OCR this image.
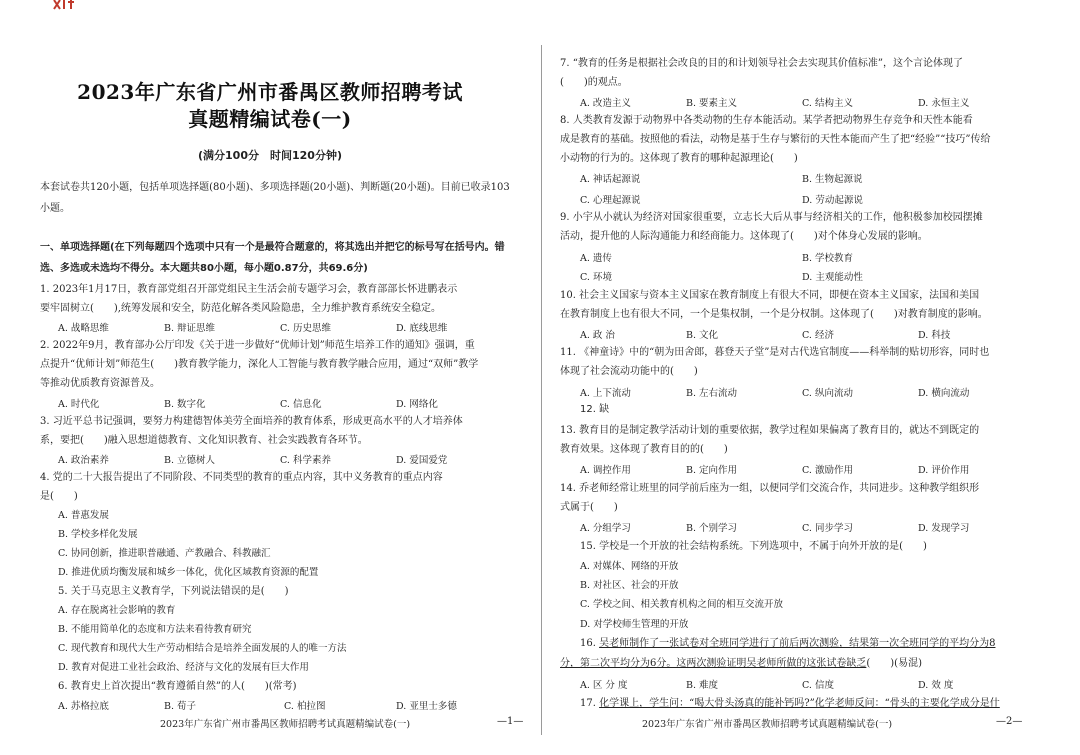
2023年广东省广州市番禺区教师招聘考试
真题精编试卷(一)
(满分100分　时间120分钟)
本套试卷共120小题，包括单项选择题(80小题)、多项选择题(20小题)、判断题(20小题)。目前已收录103小题。
一、单项选择题(在下列每题四个选项中只有一个是最符合题意的，将其选出并把它的标号写在括号内。错选、多选或未选均不得分。本大题共80小题，每小题0.87分，共69.6分)
1. 2023年1月17日，教育部党组召开部党组民主生活会前专题学习会，教育部部长怀进鹏表示
要牢固树立(　　),统筹发展和安全，防范化解各类风险隐患，全力维护教育系统安全稳定。
A. 战略思维	B. 辩证思维	C. 历史思维	D. 底线思维
2. 2022年9月，教育部办公厅印发《关于进一步做好“优师计划”师范生培养工作的通知》强调，重
点提升“优师计划”师范生(　　)教育教学能力，深化人工智能与教育教学融合应用，通过“双师”教学
等推动优质教育资源普及。
A. 时代化	B. 数字化	C. 信息化	D. 网络化
3. 习近平总书记强调，要努力构建德智体美劳全面培养的教育体系，形成更高水平的人才培养体
系，要把(　　)融入思想道德教育、文化知识教育、社会实践教育各环节。
A. 政治素养	B. 立德树人	C. 科学素养	D. 爱国爱党
4. 党的二十大报告提出了不同阶段、不同类型的教育的重点内容，其中义务教育的重点内容
是(　　)
A. 普惠发展
B. 学校多样化发展
C. 协同创新，推进职普融通、产教融合、科教融汇
D. 推进优质均衡发展和城乡一体化，优化区域教育资源的配置
5. 关于马克思主义教育学，下列说法错误的是(　　)
A. 存在脱离社会影响的教育
B. 不能用简单化的态度和方法来看待教育研究
C. 现代教育和现代大生产劳动相结合是培养全面发展的人的唯一方法
D. 教育对促进工业社会政治、经济与文化的发展有巨大作用
6. 教育史上首次提出“教育遵循自然”的人(　　)(常考)
A. 苏格拉底	B. 荀子	C. 柏拉图	D. 亚里士多德
2023年广东省广州市番禺区教师招聘考试真题精编试卷(一)	—1—
7. “教育的任务是根据社会改良的目的和计划领导社会去实现其价值标准”，这个言论体现了
(　　)的观点。
A. 改造主义	B. 要素主义	C. 结构主义	D. 永恒主义
8. 人类教育发源于动物界中各类动物的生存本能活动。某学者把动物界生存竞争和天性本能看
成是教育的基础。按照他的看法，动物是基于生存与繁衍的天性本能而产生了把“经验”“技巧”传给
小动物的行为的。这体现了教育的哪种起源理论(　　)
A. 神话起源说	B. 生物起源说
C. 心理起源说	D. 劳动起源说
9. 小宇从小就认为经济对国家很重要，立志长大后从事与经济相关的工作，他积极参加校园摆摊
活动，提升他的人际沟通能力和经商能力。这体现了(　　)对个体身心发展的影响。
A. 遗传	B. 学校教育
C. 环境	D. 主观能动性
10. 社会主义国家与资本主义国家在教育制度上有很大不同，即便在资本主义国家，法国和美国
在教育制度上也有很大不同，一个是集权制，一个是分权制。这体现了(　　)对教育制度的影响。
A. 政 治	B. 文化	C. 经济	D. 科技
11. 《神童诗》中的“朝为田舍郎，暮登天子堂”是对古代选官制度——科举制的贴切形容，同时也
体现了社会流动功能中的(　　)
A. 上下流动	B. 左右流动	C. 纵向流动	D. 横向流动
12. 缺
13. 教育目的是制定教学活动计划的重要依据，教学过程如果偏离了教育目的，就达不到既定的
教育效果。这体现了教育目的的(　　)
A. 调控作用	B. 定向作用	C. 激励作用	D. 评价作用
14. 乔老师经常让班里的同学前后座为一组，以便同学们交流合作，共同进步。这种教学组织形
式属于(　　)
A. 分组学习	B. 个别学习	C. 同步学习	D. 发现学习
15. 学校是一个开放的社会结构系统。下列选项中，不属于向外开放的是(　　)
A. 对媒体、网络的开放
B. 对社区、社会的开放
C. 学校之间、相关教育机构之间的相互交流开放
D. 对学校师生管理的开放
16. 吴老师制作了一张试卷对全班同学进行了前后两次测验，结果第一次全班同学的平均分为8
分，第二次平均分为6分。这两次测验证明吴老师所做的这张试卷缺乏(　　)(易混)
A. 区 分 度	B. 难度	C. 信度	D. 效 度
17. 化学课上，学生问：“喝大骨头汤真的能补钙吗?”化学老师反问：“骨头的主要化学成分是什
2023年广东省广州市番禺区教师招聘考试真题精编试卷(一)	—2—
